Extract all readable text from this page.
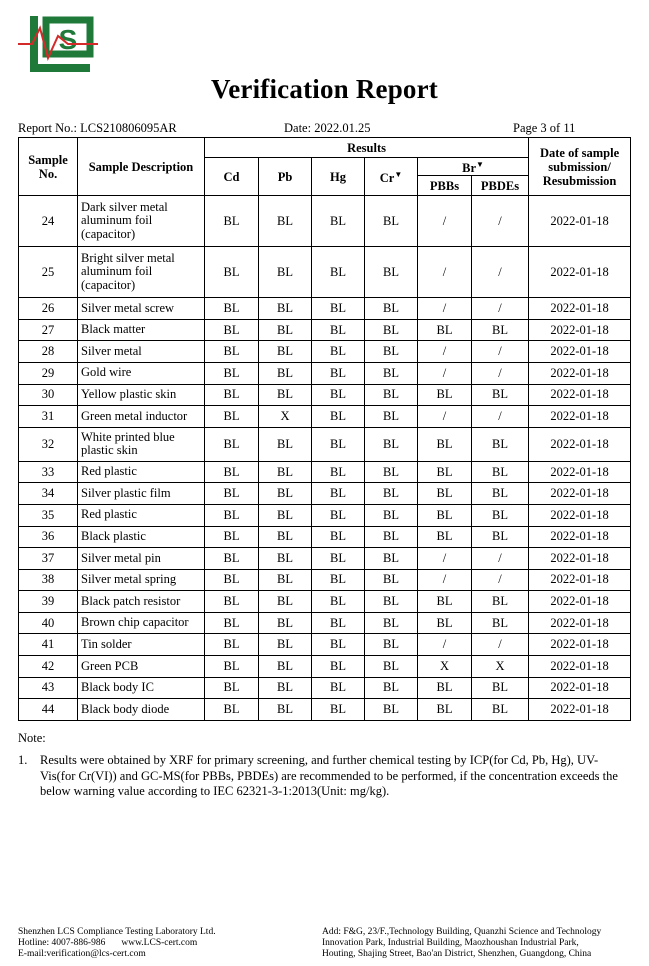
S
Verification Report
Report No.: LCS210806095AR	Date: 2022.01.25	Page 3 of 11
Sample No.	Sample Description	Results						Date of sample submission/ Resubmission
		Cd	Pb	Hg	Cr▼	Br▼
						PBBs	PBDEs	
24	Dark silver metal aluminum foil (capacitor)	BL	BL	BL	BL	/	/	2022-01-18
25	Bright silver metal aluminum foil (capacitor)	BL	BL	BL	BL	/	/	2022-01-18
26	Silver metal screw	BL	BL	BL	BL	/	/	2022-01-18
27	Black matter	BL	BL	BL	BL	BL	BL	2022-01-18
28	Silver metal	BL	BL	BL	BL	/	/	2022-01-18
29	Gold wire	BL	BL	BL	BL	/	/	2022-01-18
30	Yellow plastic skin	BL	BL	BL	BL	BL	BL	2022-01-18
31	Green metal inductor	BL	X	BL	BL	/	/	2022-01-18
32	White printed blue plastic skin	BL	BL	BL	BL	BL	BL	2022-01-18
33	Red plastic	BL	BL	BL	BL	BL	BL	2022-01-18
34	Silver plastic film	BL	BL	BL	BL	BL	BL	2022-01-18
35	Red plastic	BL	BL	BL	BL	BL	BL	2022-01-18
36	Black plastic	BL	BL	BL	BL	BL	BL	2022-01-18
37	Silver metal pin	BL	BL	BL	BL	/	/	2022-01-18
38	Silver metal spring	BL	BL	BL	BL	/	/	2022-01-18
39	Black patch resistor	BL	BL	BL	BL	BL	BL	2022-01-18
40	Brown chip capacitor	BL	BL	BL	BL	BL	BL	2022-01-18
41	Tin solder	BL	BL	BL	BL	/	/	2022-01-18
42	Green PCB	BL	BL	BL	BL	X	X	2022-01-18
43	Black body IC	BL	BL	BL	BL	BL	BL	2022-01-18
44	Black body diode	BL	BL	BL	BL	BL	BL	2022-01-18
Note:
1. Results were obtained by XRF for primary screening, and further chemical testing by ICP(for Cd, Pb, Hg), UV-Vis(for Cr(VI)) and GC-MS(for PBBs, PBDEs) are recommended to be performed, if the concentration exceeds the below warning value according to IEC 62321-3-1:2013(Unit: mg/kg).
Shenzhen LCS Compliance Testing Laboratory Ltd.
Hotline: 4007-886-986 www.LCS-cert.com
E-mail:verification@lcs-cert.com
Add: F&G, 23/F.,Technology Building, Quanzhi Science and Technology
Innovation Park, Industrial Building, Maozhoushan Industrial Park,
Houting, Shajing Street, Bao'an District, Shenzhen, Guangdong, China
